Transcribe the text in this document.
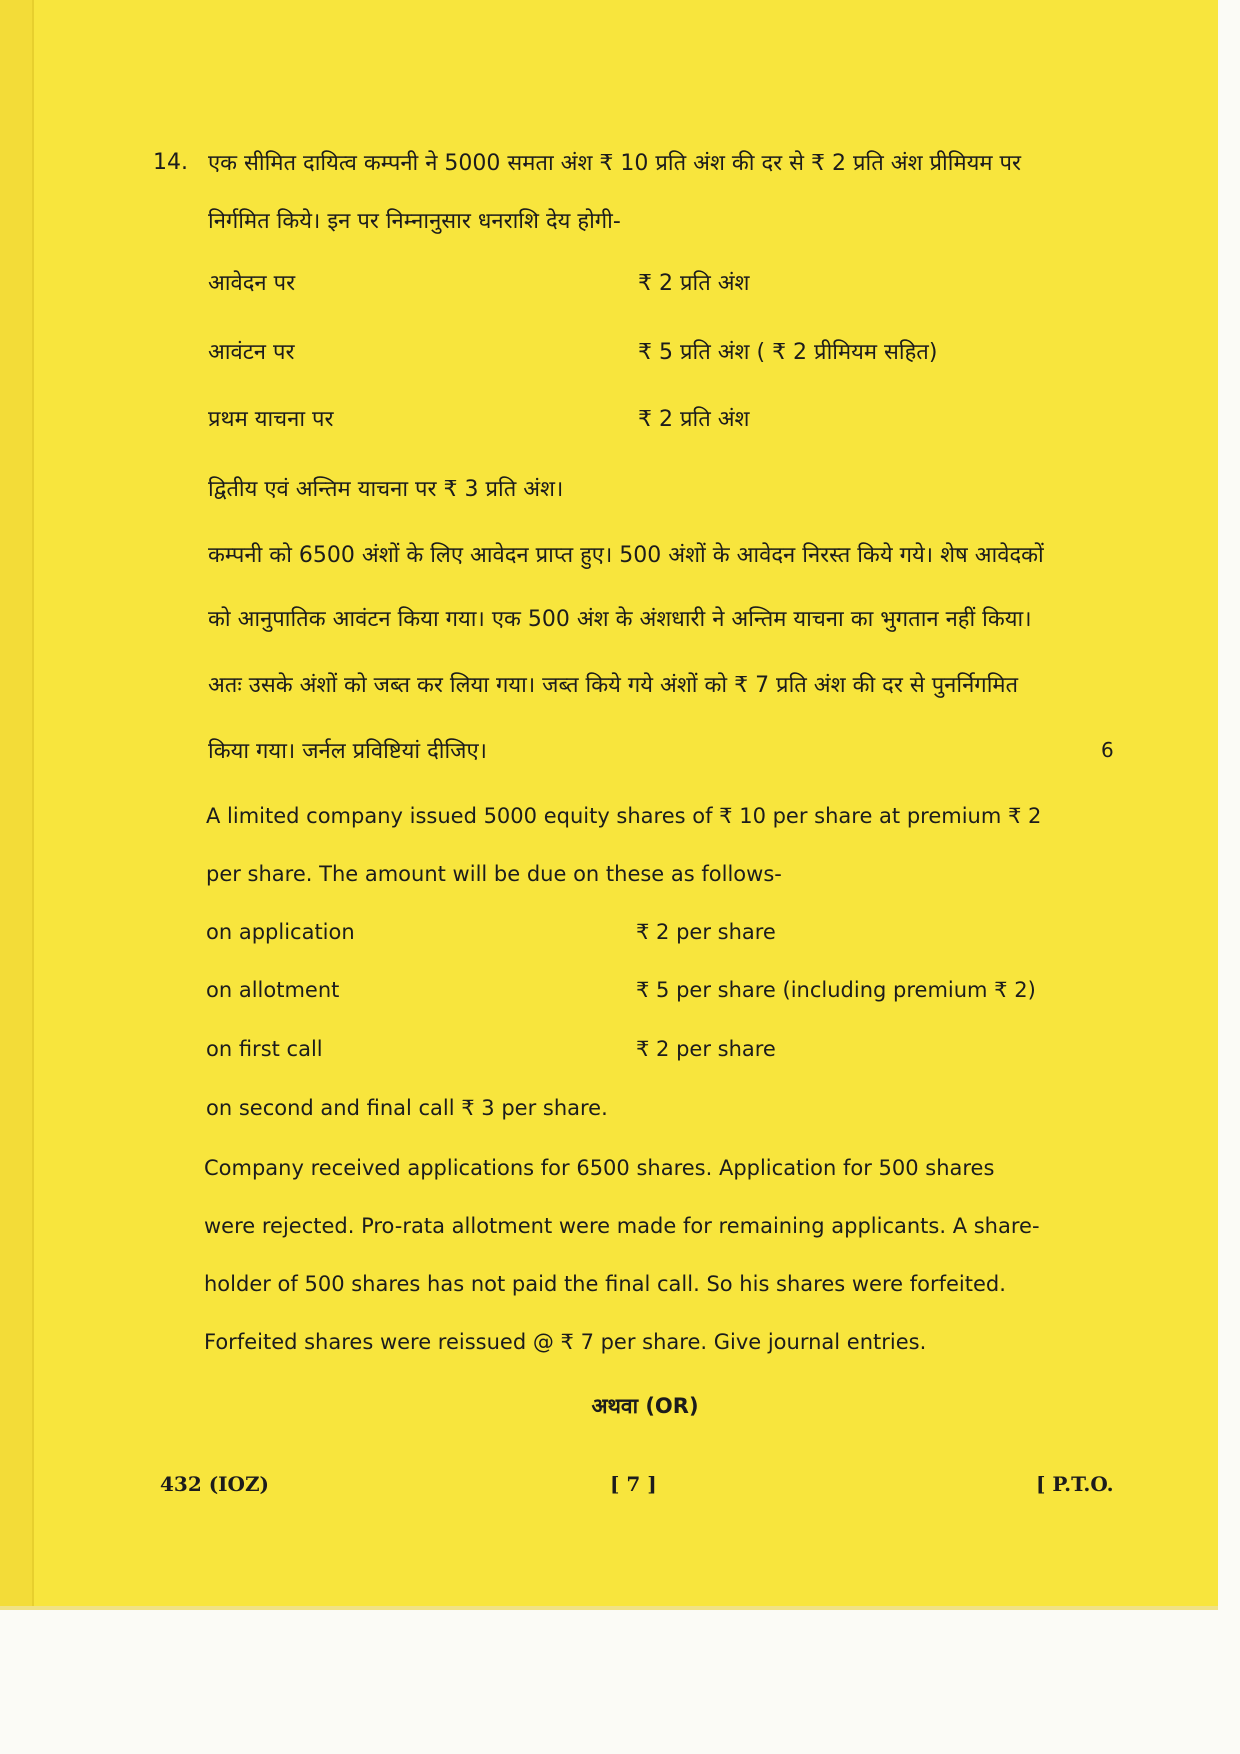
14. एक सीमित दायित्व कम्पनी ने 5000 समता अंश ₹ 10 प्रति अंश की दर से ₹ 2 प्रति अंश प्रीमियम पर
निर्गमित किये। इन पर निम्नानुसार धनराशि देय होगी-
आवेदन पर	₹ 2 प्रति अंश
आवंटन पर	₹ 5 प्रति अंश ( ₹ 2 प्रीमियम सहित)
प्रथम याचना पर	₹ 2 प्रति अंश
द्वितीय एवं अन्तिम याचना पर ₹ 3 प्रति अंश।
कम्पनी को 6500 अंशों के लिए आवेदन प्राप्त हुए। 500 अंशों के आवेदन निरस्त किये गये। शेष आवेदकों
को आनुपातिक आवंटन किया गया। एक 500 अंश के अंशधारी ने अन्तिम याचना का भुगतान नहीं किया।
अतः उसके अंशों को जब्त कर लिया गया। जब्त किये गये अंशों को ₹ 7 प्रति अंश की दर से पुनर्निगमित
किया गया। जर्नल प्रविष्टियां दीजिए।	6
A limited company issued 5000 equity shares of ₹ 10 per share at premium ₹ 2
per share. The amount will be due on these as follows-
on application	₹ 2 per share
on allotment	₹ 5 per share (including premium ₹ 2)
on first call	₹ 2 per share
on second and final call ₹ 3 per share.
Company received applications for 6500 shares. Application for 500 shares
were rejected. Pro-rata allotment were made for remaining applicants. A share-
holder of 500 shares has not paid the final call. So his shares were forfeited.
Forfeited shares were reissued @ ₹ 7 per share. Give journal entries.
अथवा (OR)
432 (IOZ)	[ 7 ]	[ P.T.O.
